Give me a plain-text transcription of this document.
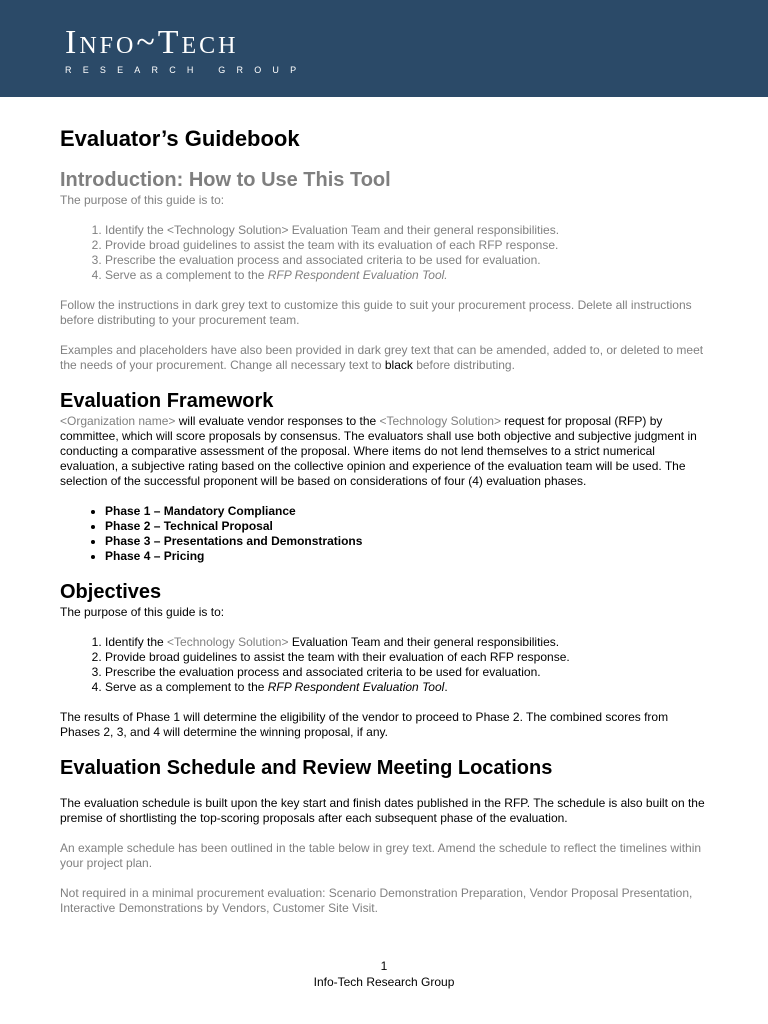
Info~Tech
RESEARCH GROUP
Evaluator’s Guidebook
Introduction: How to Use This Tool

The purpose of this guide is to:

1. Identify the <Technology Solution> Evaluation Team and their general responsibilities.
2. Provide broad guidelines to assist the team with its evaluation of each RFP response.
3. Prescribe the evaluation process and associated criteria to be used for evaluation.
4. Serve as a complement to the RFP Respondent Evaluation Tool.

Follow the instructions in dark grey text to customize this guide to suit your procurement process. Delete all instructions before distributing to your procurement team.

Examples and placeholders have also been provided in dark grey text that can be amended, added to, or deleted to meet the needs of your procurement. Change all necessary text to black before distributing.

Evaluation Framework

<Organization name> will evaluate vendor responses to the <Technology Solution> request for proposal (RFP) by committee, which will score proposals by consensus. The evaluators shall use both objective and subjective judgment in conducting a comparative assessment of the proposal. Where items do not lend themselves to a strict numerical evaluation, a subjective rating based on the collective opinion and experience of the evaluation team will be used. The selection of the successful proponent will be based on considerations of four (4) evaluation phases.

• Phase 1 – Mandatory Compliance
• Phase 2 – Technical Proposal
• Phase 3 – Presentations and Demonstrations
• Phase 4 – Pricing
Objectives

The purpose of this guide is to:

1. Identify the <Technology Solution> Evaluation Team and their general responsibilities.
2. Provide broad guidelines to assist the team with their evaluation of each RFP response.
3. Prescribe the evaluation process and associated criteria to be used for evaluation.
4. Serve as a complement to the RFP Respondent Evaluation Tool.

The results of Phase 1 will determine the eligibility of the vendor to proceed to Phase 2. The combined scores from Phases 2, 3, and 4 will determine the winning proposal, if any.

Evaluation Schedule and Review Meeting Locations

The evaluation schedule is built upon the key start and finish dates published in the RFP. The schedule is also built on the premise of shortlisting the top-scoring proposals after each subsequent phase of the evaluation.

An example schedule has been outlined in the table below in grey text. Amend the schedule to reflect the timelines within your project plan.

Not required in a minimal procurement evaluation: Scenario Demonstration Preparation, Vendor Proposal Presentation, Interactive Demonstrations by Vendors, Customer Site Visit.

1
Info-Tech Research Group
